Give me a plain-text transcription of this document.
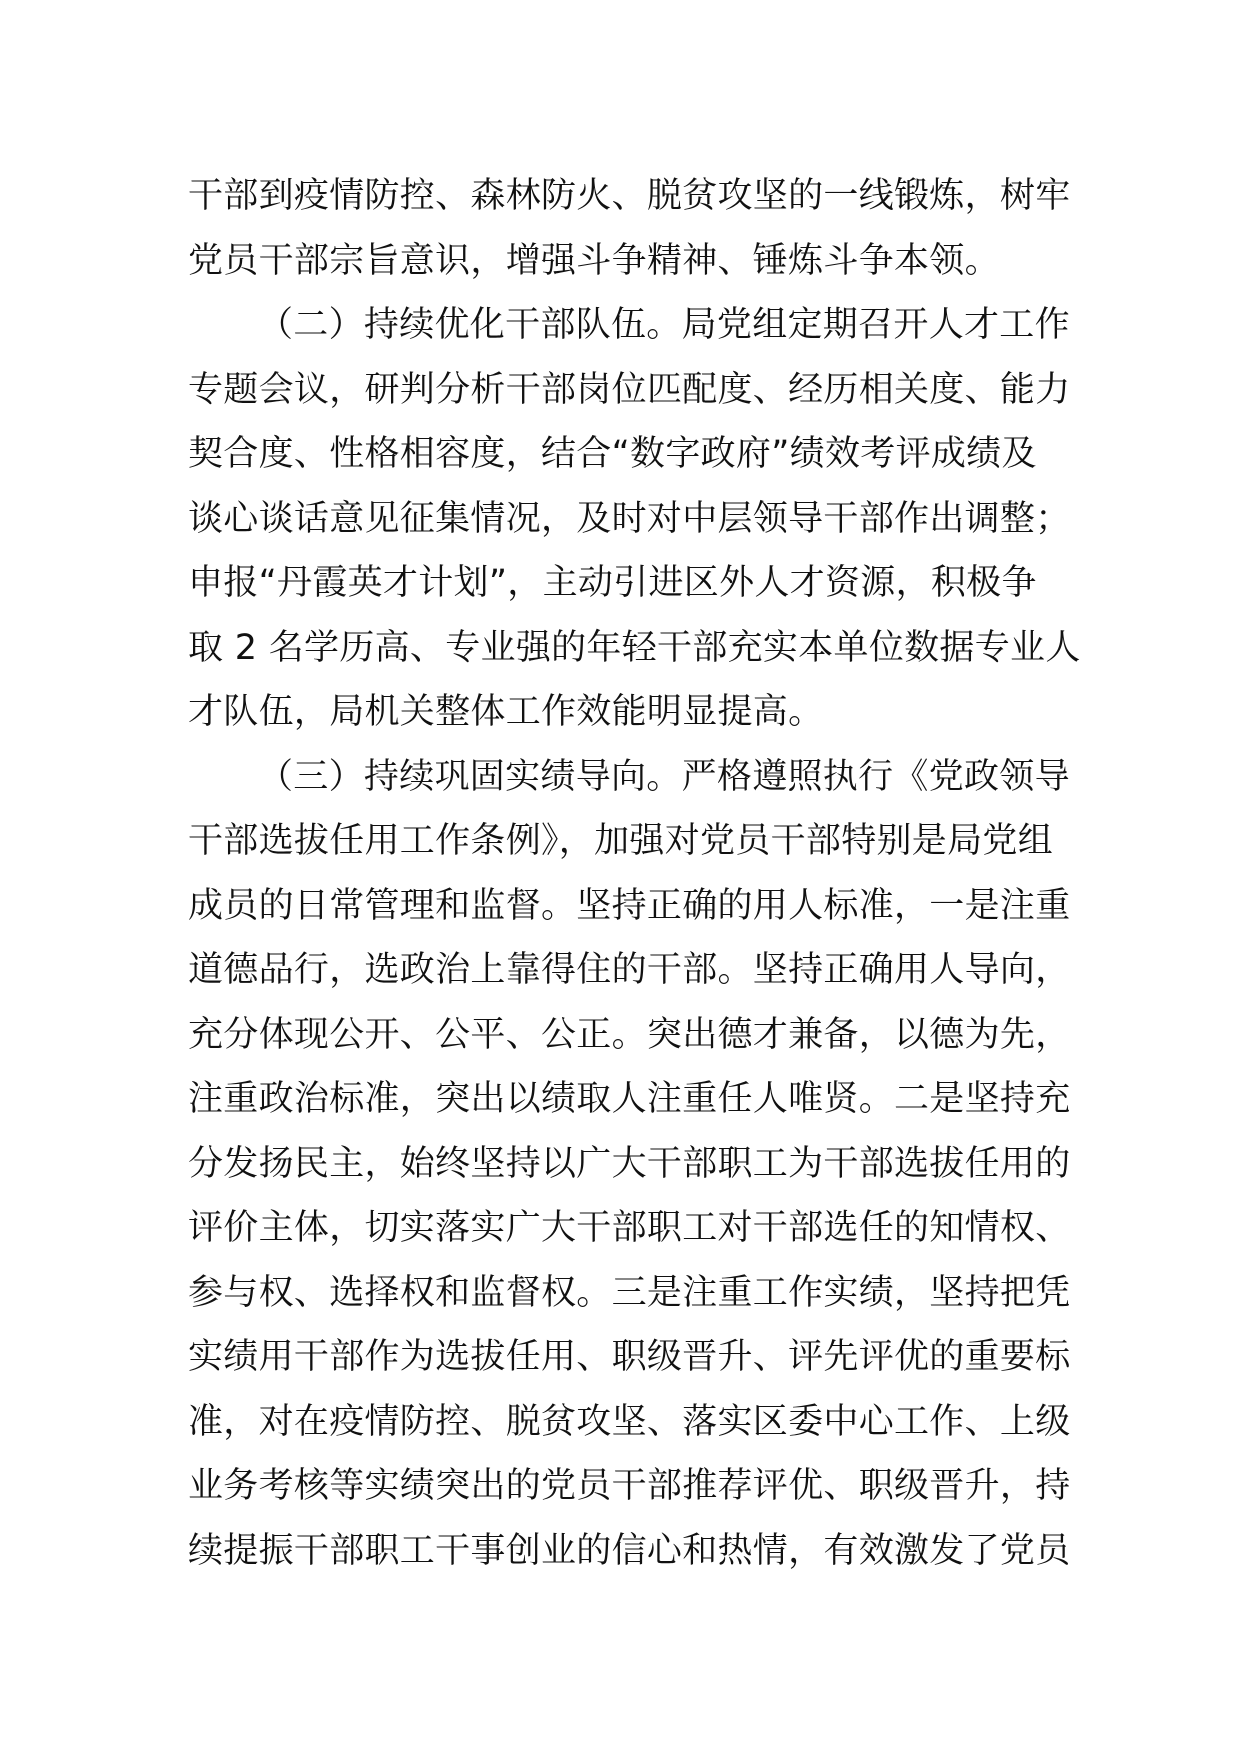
干部到疫情防控、森林防火、脱贫攻坚的一线锻炼，树牢
党员干部宗旨意识，增强斗争精神、锤炼斗争本领。
（二）持续优化干部队伍。局党组定期召开人才工作
专题会议，研判分析干部岗位匹配度、经历相关度、能力
契合度、性格相容度，结合“数字政府”绩效考评成绩及
谈心谈话意见征集情况，及时对中层领导干部作出调整；
申报“丹霞英才计划”，主动引进区外人才资源，积极争
取 2 名学历高、专业强的年轻干部充实本单位数据专业人
才队伍，局机关整体工作效能明显提高。
（三）持续巩固实绩导向。严格遵照执行《党政领导
干部选拔任用工作条例》，加强对党员干部特别是局党组
成员的日常管理和监督。坚持正确的用人标准，一是注重
道德品行，选政治上靠得住的干部。坚持正确用人导向，
充分体现公开、公平、公正。突出德才兼备，以德为先，
注重政治标准，突出以绩取人注重任人唯贤。二是坚持充
分发扬民主，始终坚持以广大干部职工为干部选拔任用的
评价主体，切实落实广大干部职工对干部选任的知情权、
参与权、选择权和监督权。三是注重工作实绩，坚持把凭
实绩用干部作为选拔任用、职级晋升、评先评优的重要标
准，对在疫情防控、脱贫攻坚、落实区委中心工作、上级
业务考核等实绩突出的党员干部推荐评优、职级晋升，持
续提振干部职工干事创业的信心和热情，有效激发了党员
